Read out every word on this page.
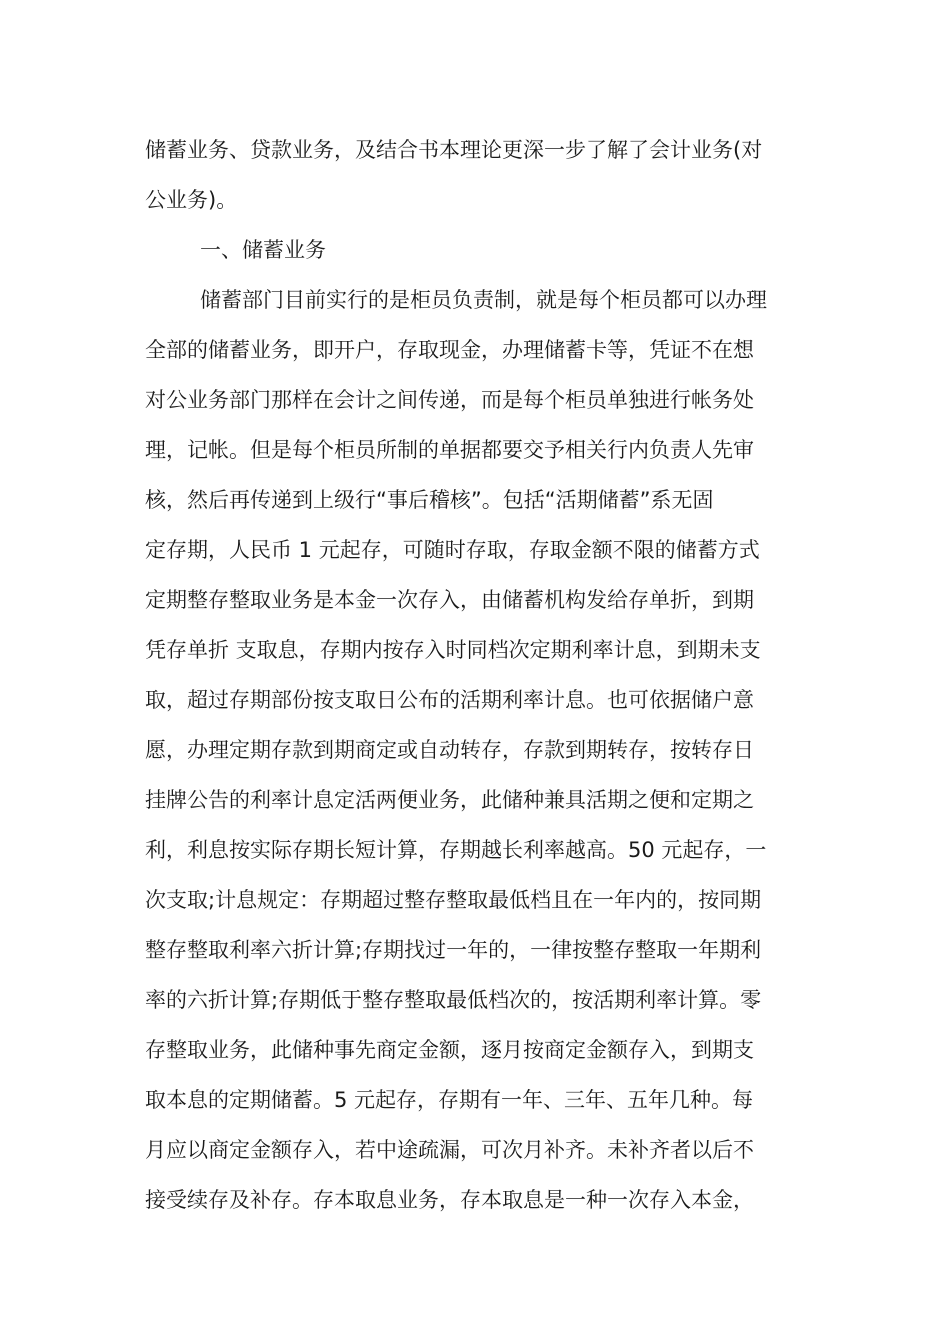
储蓄业务、贷款业务，及结合书本理论更深一步了解了会计业务(对
公业务)。
一、储蓄业务
储蓄部门目前实行的是柜员负责制，就是每个柜员都可以办理
全部的储蓄业务，即开户，存取现金，办理储蓄卡等，凭证不在想
对公业务部门那样在会计之间传递，而是每个柜员单独进行帐务处
理，记帐。但是每个柜员所制的单据都要交予相关行内负责人先审
核，然后再传递到上级行“事后稽核”。包括“活期储蓄”系无固
定存期，人民币 1 元起存，可随时存取，存取金额不限的储蓄方式
定期整存整取业务是本金一次存入，由储蓄机构发给存单折，到期
凭存单折 支取息，存期内按存入时同档次定期利率计息，到期未支
取，超过存期部份按支取日公布的活期利率计息。也可依据储户意
愿，办理定期存款到期商定或自动转存，存款到期转存，按转存日
挂牌公告的利率计息定活两便业务，此储种兼具活期之便和定期之
利，利息按实际存期长短计算，存期越长利率越高。50 元起存，一
次支取;计息规定：存期超过整存整取最低档且在一年内的，按同期
整存整取利率六折计算;存期找过一年的，一律按整存整取一年期利
率的六折计算;存期低于整存整取最低档次的，按活期利率计算。零
存整取业务，此储种事先商定金额，逐月按商定金额存入，到期支
取本息的定期储蓄。5 元起存，存期有一年、三年、五年几种。每
月应以商定金额存入，若中途疏漏，可次月补齐。未补齐者以后不
接受续存及补存。存本取息业务，存本取息是一种一次存入本金，
